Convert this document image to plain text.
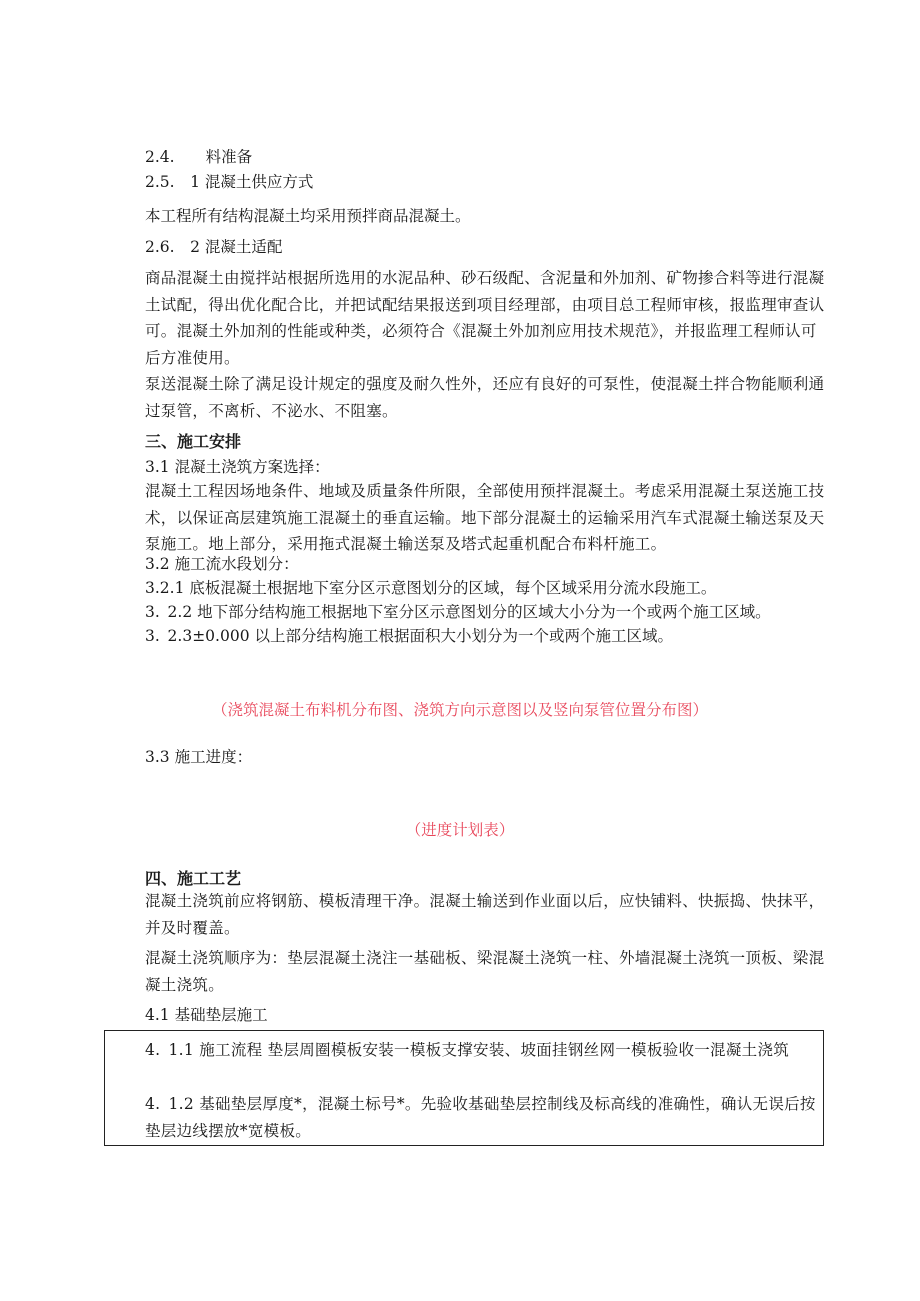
2.4.　　料准备
2.5.　1 混凝土供应方式
本工程所有结构混凝土均采用预拌商品混凝土。
2.6.　2 混凝土适配
商品混凝土由搅拌站根据所选用的水泥品种、砂石级配、含泥量和外加剂、矿物掺合料等进行混凝土试配，得出优化配合比，并把试配结果报送到项目经理部，由项目总工程师审核，报监理审查认可。混凝土外加剂的性能或种类，必须符合《混凝土外加剂应用技术规范》，并报监理工程师认可后方准使用。
泵送混凝土除了满足设计规定的强度及耐久性外，还应有良好的可泵性，使混凝土拌合物能顺利通过泵管，不离析、不泌水、不阻塞。
三、施工安排
3.1 混凝土浇筑方案选择：
混凝土工程因场地条件、地域及质量条件所限，全部使用预拌混凝土。考虑采用混凝土泵送施工技术，以保证高层建筑施工混凝土的垂直运输。地下部分混凝土的运输采用汽车式混凝土输送泵及天泵施工。地上部分，采用拖式混凝土输送泵及塔式起重机配合布料杆施工。
3.2 施工流水段划分：
3.2.1 底板混凝土根据地下室分区示意图划分的区域，每个区域采用分流水段施工。
3. 2.2 地下部分结构施工根据地下室分区示意图划分的区域大小分为一个或两个施工区域。
3. 2.3±0.000 以上部分结构施工根据面积大小划分为一个或两个施工区域。
（浇筑混凝土布料机分布图、浇筑方向示意图以及竖向泵管位置分布图）
3.3 施工进度：
（进度计划表）
四、施工工艺
混凝土浇筑前应将钢筋、模板清理干净。混凝土输送到作业面以后，应快铺料、快振捣、快抹平，并及时覆盖。
混凝土浇筑顺序为：垫层混凝土浇注一基础板、梁混凝土浇筑一柱、外墙混凝土浇筑一顶板、梁混凝土浇筑。
4.1 基础垫层施工
4. 1.1 施工流程 垫层周圈模板安装一模板支撑安装、坡面挂钢丝网一模板验收一混凝土浇筑
4. 1.2 基础垫层厚度*，混凝土标号*。先验收基础垫层控制线及标高线的准确性，确认无误后按垫层边线摆放*宽模板。
